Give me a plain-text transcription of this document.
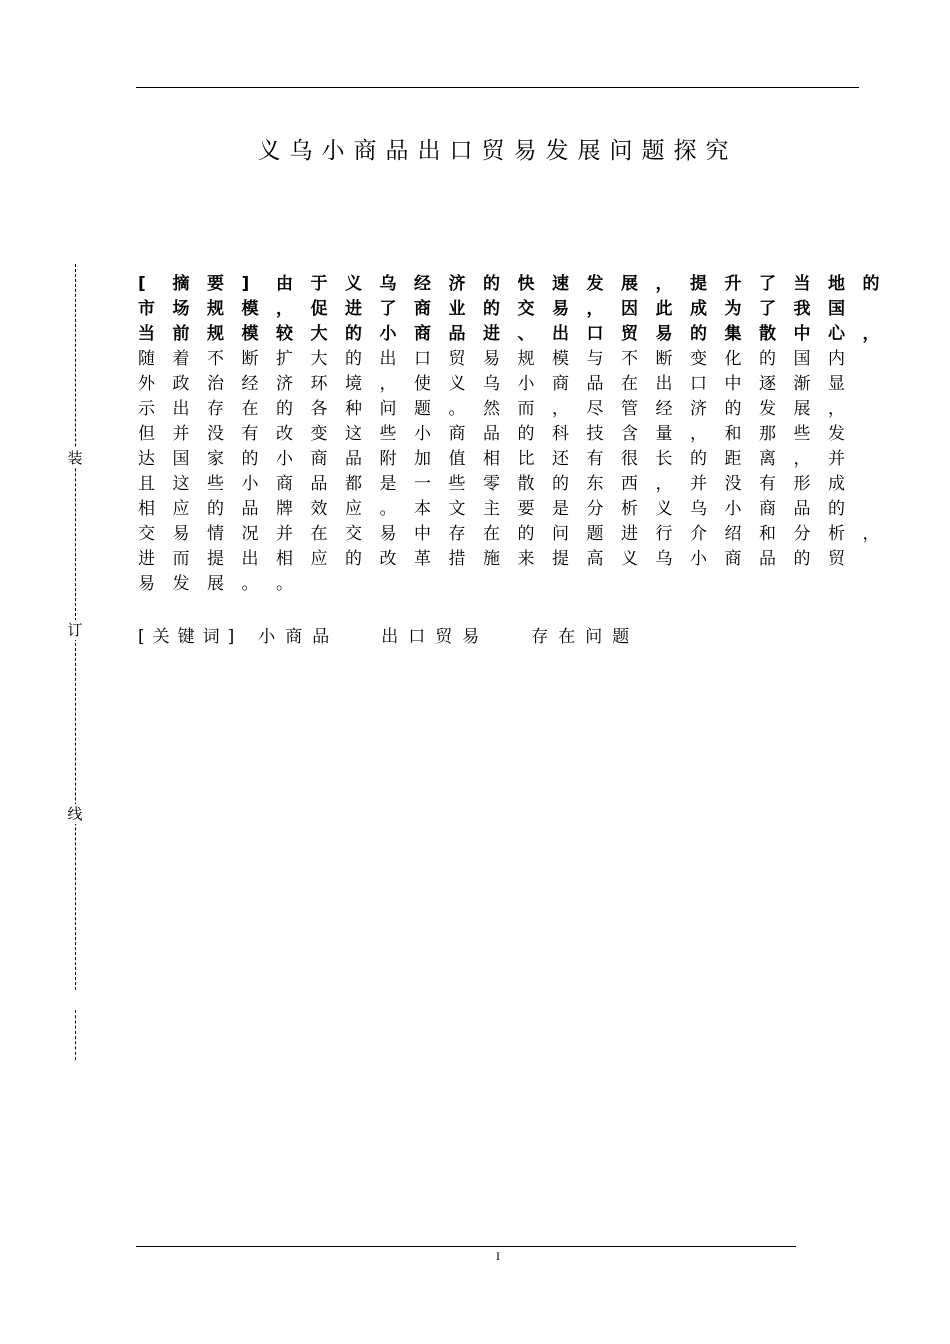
义乌小商品出口贸易发展问题探究
[	摘	要	]	由	于	义	乌	经	济	的	快	速	发	展	，	提	升	了	当	地	的
市	场	规	模	，	促	进	了	商	业	的	交	易	，	因	此	成	为	了	我	国
当	前	规	模	较	大	的	小	商	品	进	、	出	口	贸	易	的	集	散	中	心	，
随	着	不	断	扩	大	的	出	口	贸	易	规	模	与	不	断	变	化	的	国	内
外	政	治	经	济	环	境	，	使	义	乌	小	商	品	在	出	口	中	逐	渐	显
示	出	存	在	的	各	种	问	题	。	然	而	，	尽	管	经	济	的	发	展	，
但	并	没	有	改	变	这	些	小	商	品	的	科	技	含	量	，	和	那	些	发
达	国	家	的	小	商	品	附	加	值	相	比	还	有	很	长	的	距	离	，	并
且	这	些	小	商	品	都	是	一	些	零	散	的	东	西	，	并	没	有	形	成
相	应	的	品	牌	效	应	。	本	文	主	要	是	分	析	义	乌	小	商	品	的
交	易	情	况	并	在	交	易	中	存	在	的	问	题	进	行	介	绍	和	分	析	，
进	而	提	出	相	应	的	改	革	措	施	来	提	高	义	乌	小	商	品	的	贸
易	发	展	。	。
[关键词] 小商品 出口贸易 存在问题
装
订
线
I
